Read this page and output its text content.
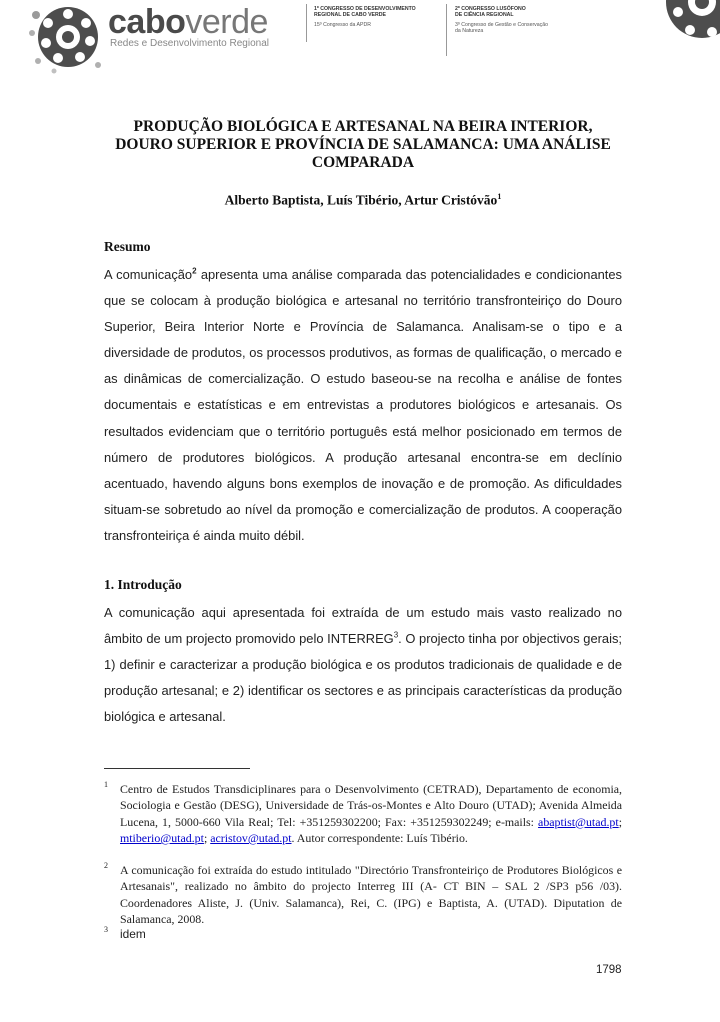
caboverde
Redes e Desenvolvimento Regional
1º CONGRESSO DE DESENVOLVIMENTO
REGIONAL DE CABO VERDE
15º Congresso da APDR
2º CONGRESSO LUSÓFONO
DE CIÊNCIA REGIONAL
3º Congresso de Gestão e Conservação
da Natureza
PRODUÇÃO BIOLÓGICA E ARTESANAL NA BEIRA INTERIOR,
DOURO SUPERIOR E PROVÍNCIA DE SALAMANCA: UMA ANÁLISE
COMPARADA
Alberto Baptista, Luís Tibério, Artur Cristóvão$^1$
Resumo
A comunicação$^2$ apresenta uma análise comparada das potencialidades e condicionantes que se colocam à produção biológica e artesanal no território transfronteiriço do Douro Superior, Beira Interior Norte e Província de Salamanca. Analisam-se o tipo e a diversidade de produtos, os processos produtivos, as formas de qualificação, o mercado e as dinâmicas de comercialização. O estudo baseou-se na recolha e análise de fontes documentais e estatísticas e em entrevistas a produtores biológicos e artesanais. Os resultados evidenciam que o território português está melhor posicionado em termos de número de produtores biológicos. A produção artesanal encontra-se em declínio acentuado, havendo alguns bons exemplos de inovação e de promoção. As dificuldades situam-se sobretudo ao nível da promoção e comercialização de produtos. A cooperação transfronteiriça é ainda muito débil.
1. Introdução
A comunicação aqui apresentada foi extraída de um estudo mais vasto realizado no âmbito de um projecto promovido pelo INTERREG$^3$. O projecto tinha por objectivos gerais; 1) definir e caracterizar a produção biológica e os produtos tradicionais de qualidade e de produção artesanal; e 2) identificar os sectores e as principais características da produção biológica e artesanal.
1 Centro de Estudos Transdiciplinares para o Desenvolvimento (CETRAD), Departamento de economia, Sociologia e Gestão (DESG), Universidade de Trás-os-Montes e Alto Douro (UTAD); Avenida Almeida Lucena, 1, 5000-660 Vila Real; Tel: +351259302200; Fax: +351259302249; e-mails: abaptist@utad.pt; mtiberio@utad.pt; acristov@utad.pt. Autor correspondente: Luís Tibério.
2 A comunicação foi extraída do estudo intitulado "Directório Transfronteiriço de Produtores Biológicos e Artesanais", realizado no âmbito do projecto Interreg III (A- CT BIN – SAL 2 /SP3 p56 /03). Coordenadores Aliste, J. (Univ. Salamanca), Rei, C. (IPG) e Baptista, A. (UTAD). Diputation de Salamanca, 2008.
3 idem
1798
